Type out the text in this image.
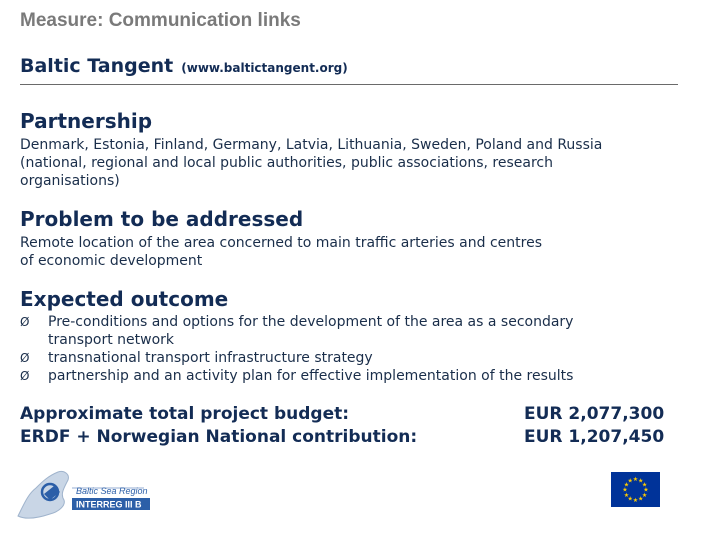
Measure: Communication links
Baltic Tangent (www.baltictangent.org)
Partnership
Denmark, Estonia, Finland, Germany, Latvia, Lithuania, Sweden, Poland and Russia
(national, regional and local public authorities, public associations, research
organisations)
Problem to be addressed
Remote location of the area concerned to main traffic arteries and centres
of economic development
Expected outcome
Ø	Pre-conditions and options for the development of the area as a secondary
transport network
Ø	transnational transport infrastructure strategy
Ø	partnership and an activity plan for effective implementation of the results
Approximate total project budget:	EUR 2,077,300
ERDF + Norwegian National contribution:	EUR 1,207,450
Baltic Sea Region
INTERREG III B
★
★
★
★
★
★
★
★
★ ★ ★
★
